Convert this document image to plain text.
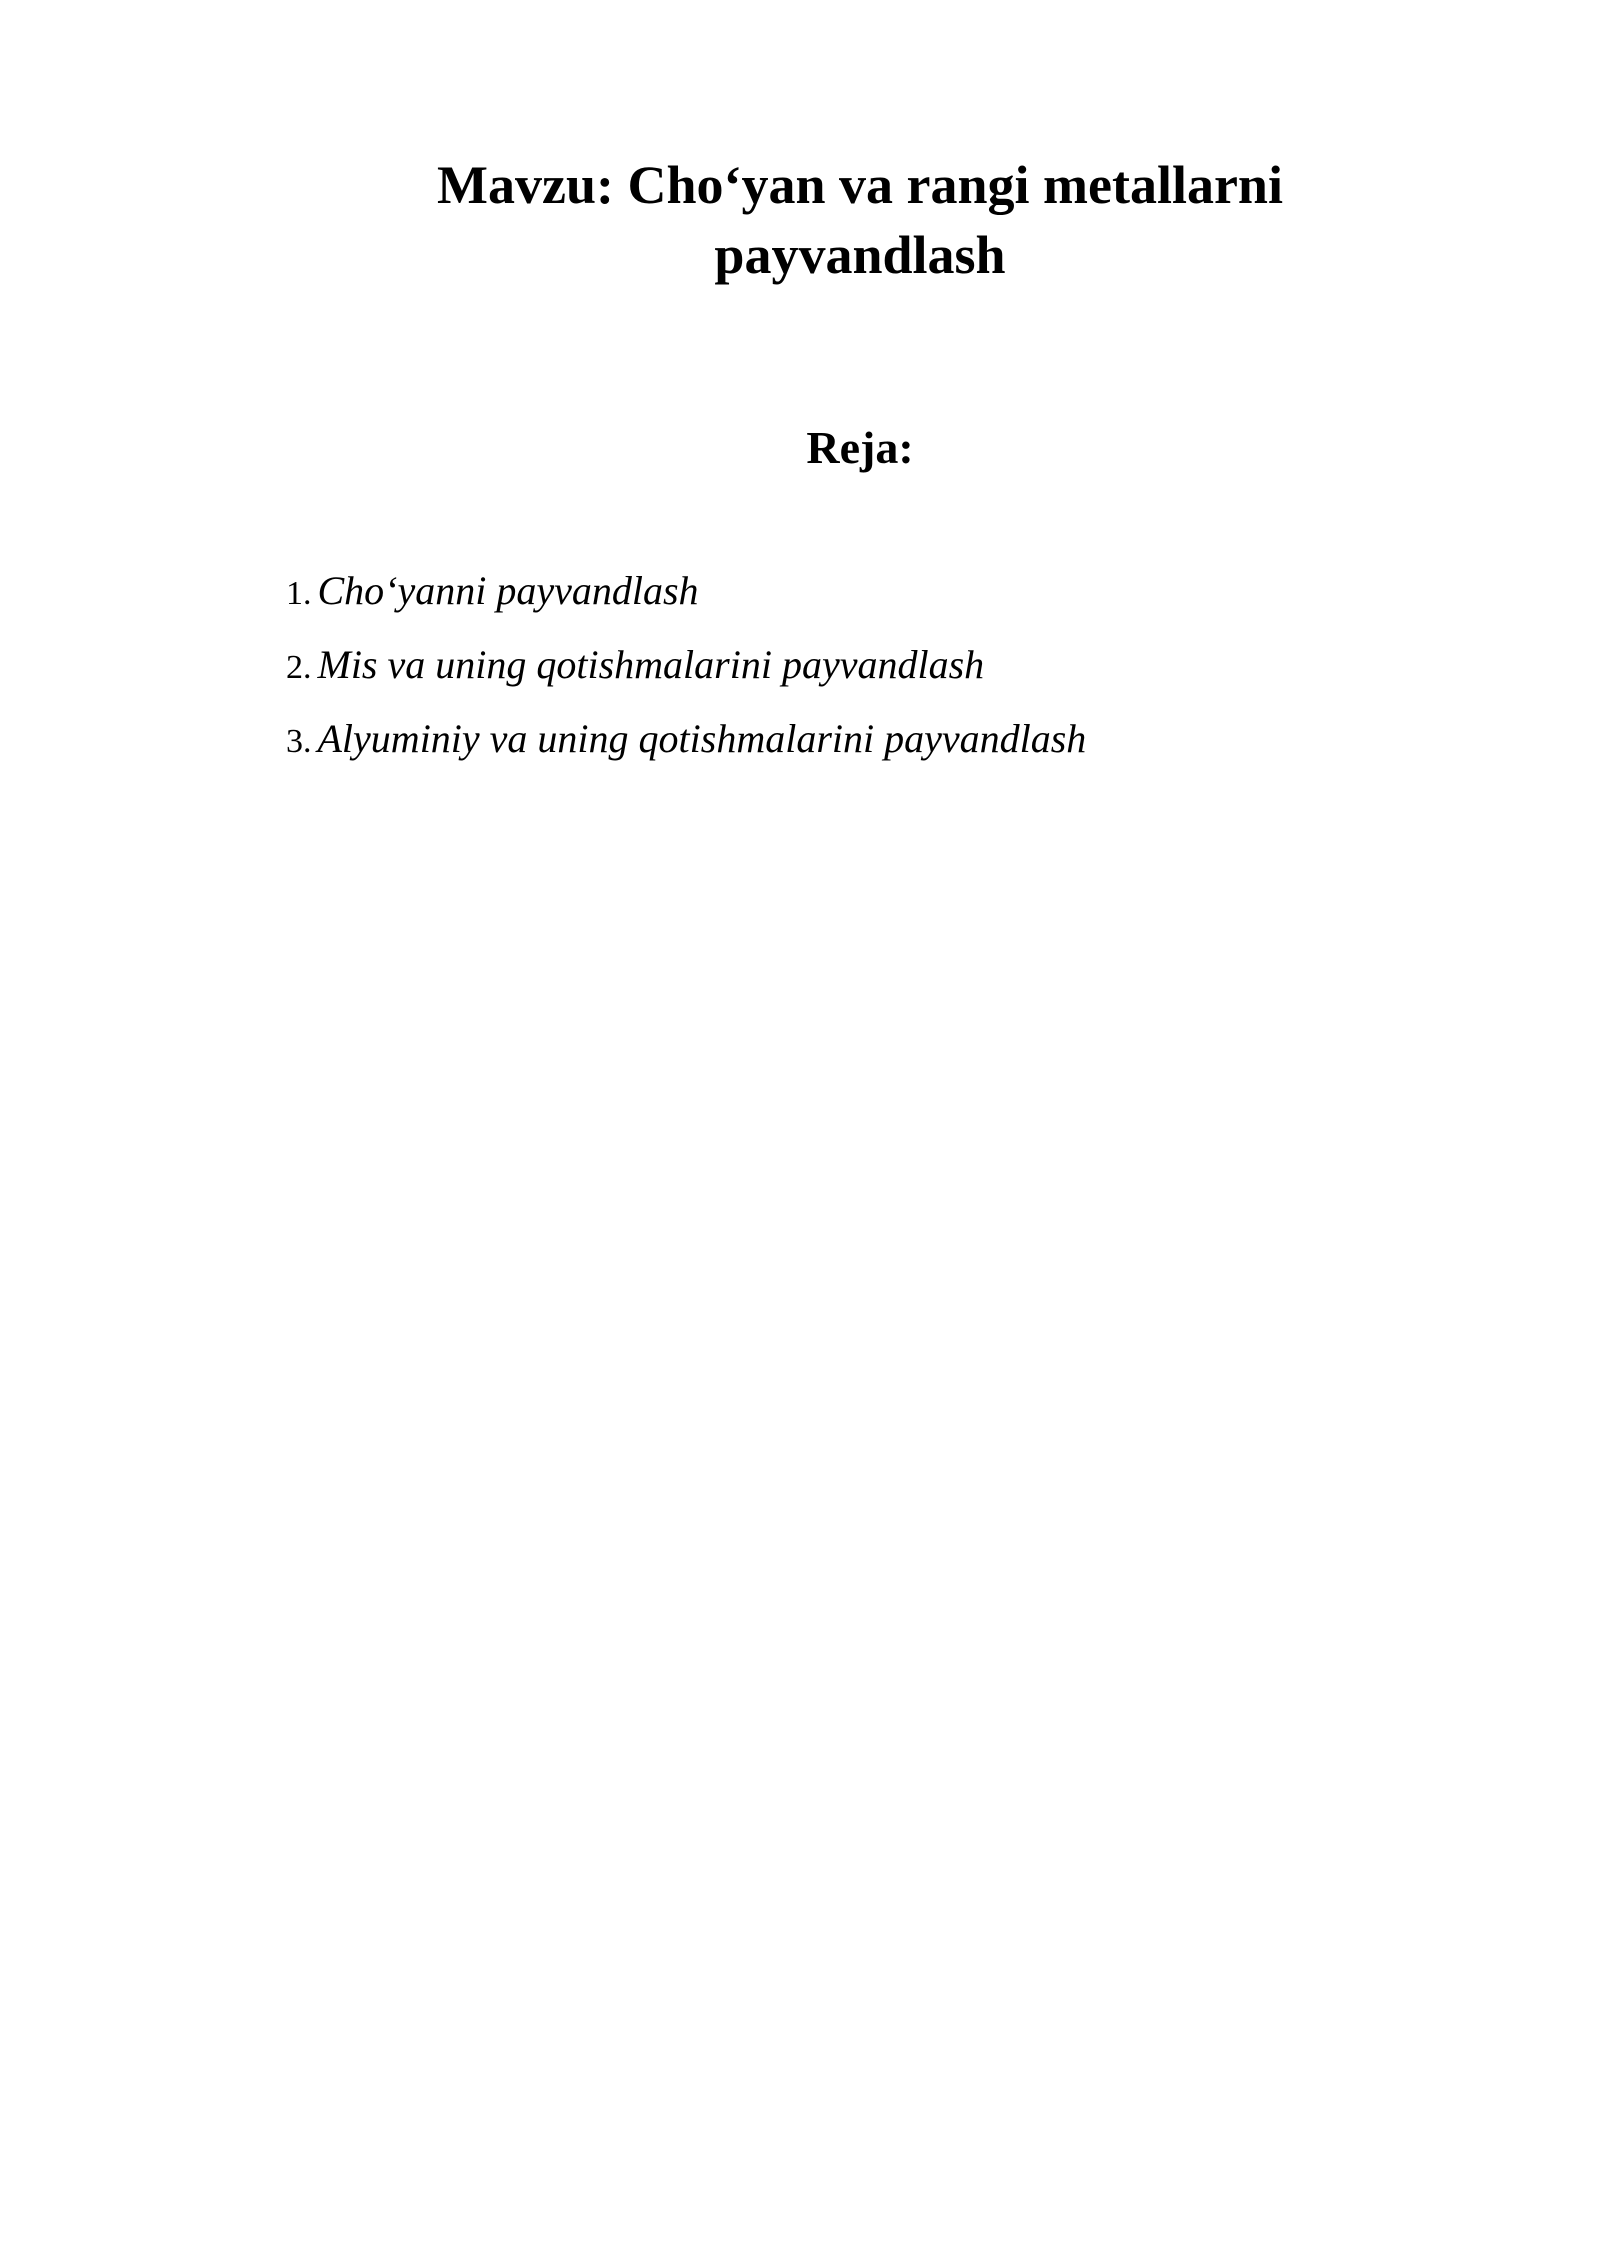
Mavzu: Cho‘yan va rangi metallarni payvandlash
Reja:
1. Cho‘yanni payvandlash
2. Mis va uning qotishmalarini payvandlash
3. Alyuminiy va uning qotishmalarini payvandlash
